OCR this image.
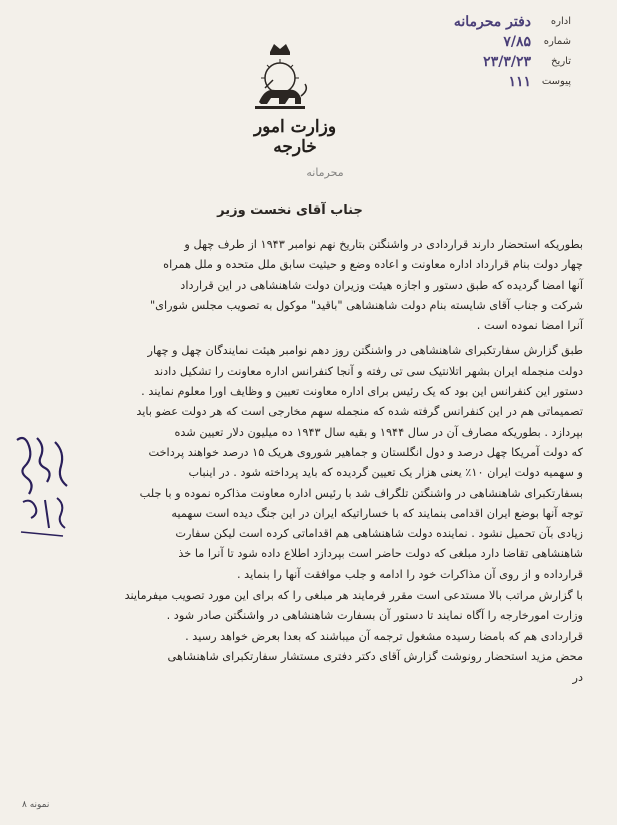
وزارت امور خارجه
اداره
دفتر محرمانه
شماره
۷/۸۵
تاریخ
۲۳/۳/۲۳
پیوست
۱۱۱
محرمانه
جناب آقای نخست وزیر
بطوریکه استحضار دارند قراردادی در واشنگتن بتاریخ نهم نوامبر ۱۹۴۳ از طرف چهل و
چهار دولت بنام قرارداد اداره معاونت و اعاده وضع و حیثیت سابق ملل متحده و ملل همراه
آنها امضا گردیده که طبق دستور و اجازه هیئت وزیران دولت شاهنشاهی در این قرارداد
شرکت و جناب آقای شایسته بنام دولت شاهنشاهی "باقید" موکول به تصویب مجلس شورای"
آنرا امضا نموده است .
طبق گزارش سفارتکبرای شاهنشاهی در واشنگتن روز دهم نوامبر هیئت نمایندگان چهل و چهار
دولت منجمله ایران بشهر اتلانتیک سی تی رفته و آنجا کنفرانس اداره معاونت را تشکیل دادند
دستور این کنفرانس این بود که یک رئیس برای اداره معاونت تعیین و وظایف اورا معلوم نمایند .
تصمیماتی هم در این کنفرانس گرفته شده که منجمله سهم مخارجی است که هر دولت عضو باید
بپردازد . بطوریکه مصارف آن در سال ۱۹۴۴ و بقیه سال ۱۹۴۳ ده میلیون دلار تعیین شده
که دولت آمریکا چهل درصد و دول انگلستان و جماهیر شوروی هریک ۱۵ درصد خواهند پرداخت
و سهمیه دولت ایران ۱۰٪ یعنی هزار یک تعیین گردیده که باید پرداخته شود . در اینباب
بسفارتکبرای شاهنشاهی در واشنگتن تلگراف شد با رئیس اداره معاونت مذاکره نموده و با جلب
توجه آنها بوضع ایران اقدامی بنمایند که با خساراتیکه ایران در این جنگ دیده است سهمیه
زیادی بآن تحمیل نشود . نماینده دولت شاهنشاهی هم اقداماتی کرده است لیکن سفارت
شاهنشاهی تقاضا دارد مبلغی که دولت حاضر است بپردازد اطلاع داده شود تا آنرا ما خذ
قرارداده و از روی آن مذاکرات خود را ادامه و جلب موافقت آنها را بنماید .
با گزارش مراتب بالا مستدعی است مقرر فرمایند هر مبلغی را که برای این مورد تصویب میفرمایند
وزارت امورخارجه را آگاه نمایند تا دستور آن بسفارت شاهنشاهی در واشنگتن صادر شود .
قراردادی هم که بامضا رسیده مشغول ترجمه آن میباشند که بعدا بعرض خواهد رسید .
محض مزید استحضار رونوشت گزارش آقای دکتر دفتری مستشار سفارتکبرای شاهنشاهی
در
نمونه ۸
